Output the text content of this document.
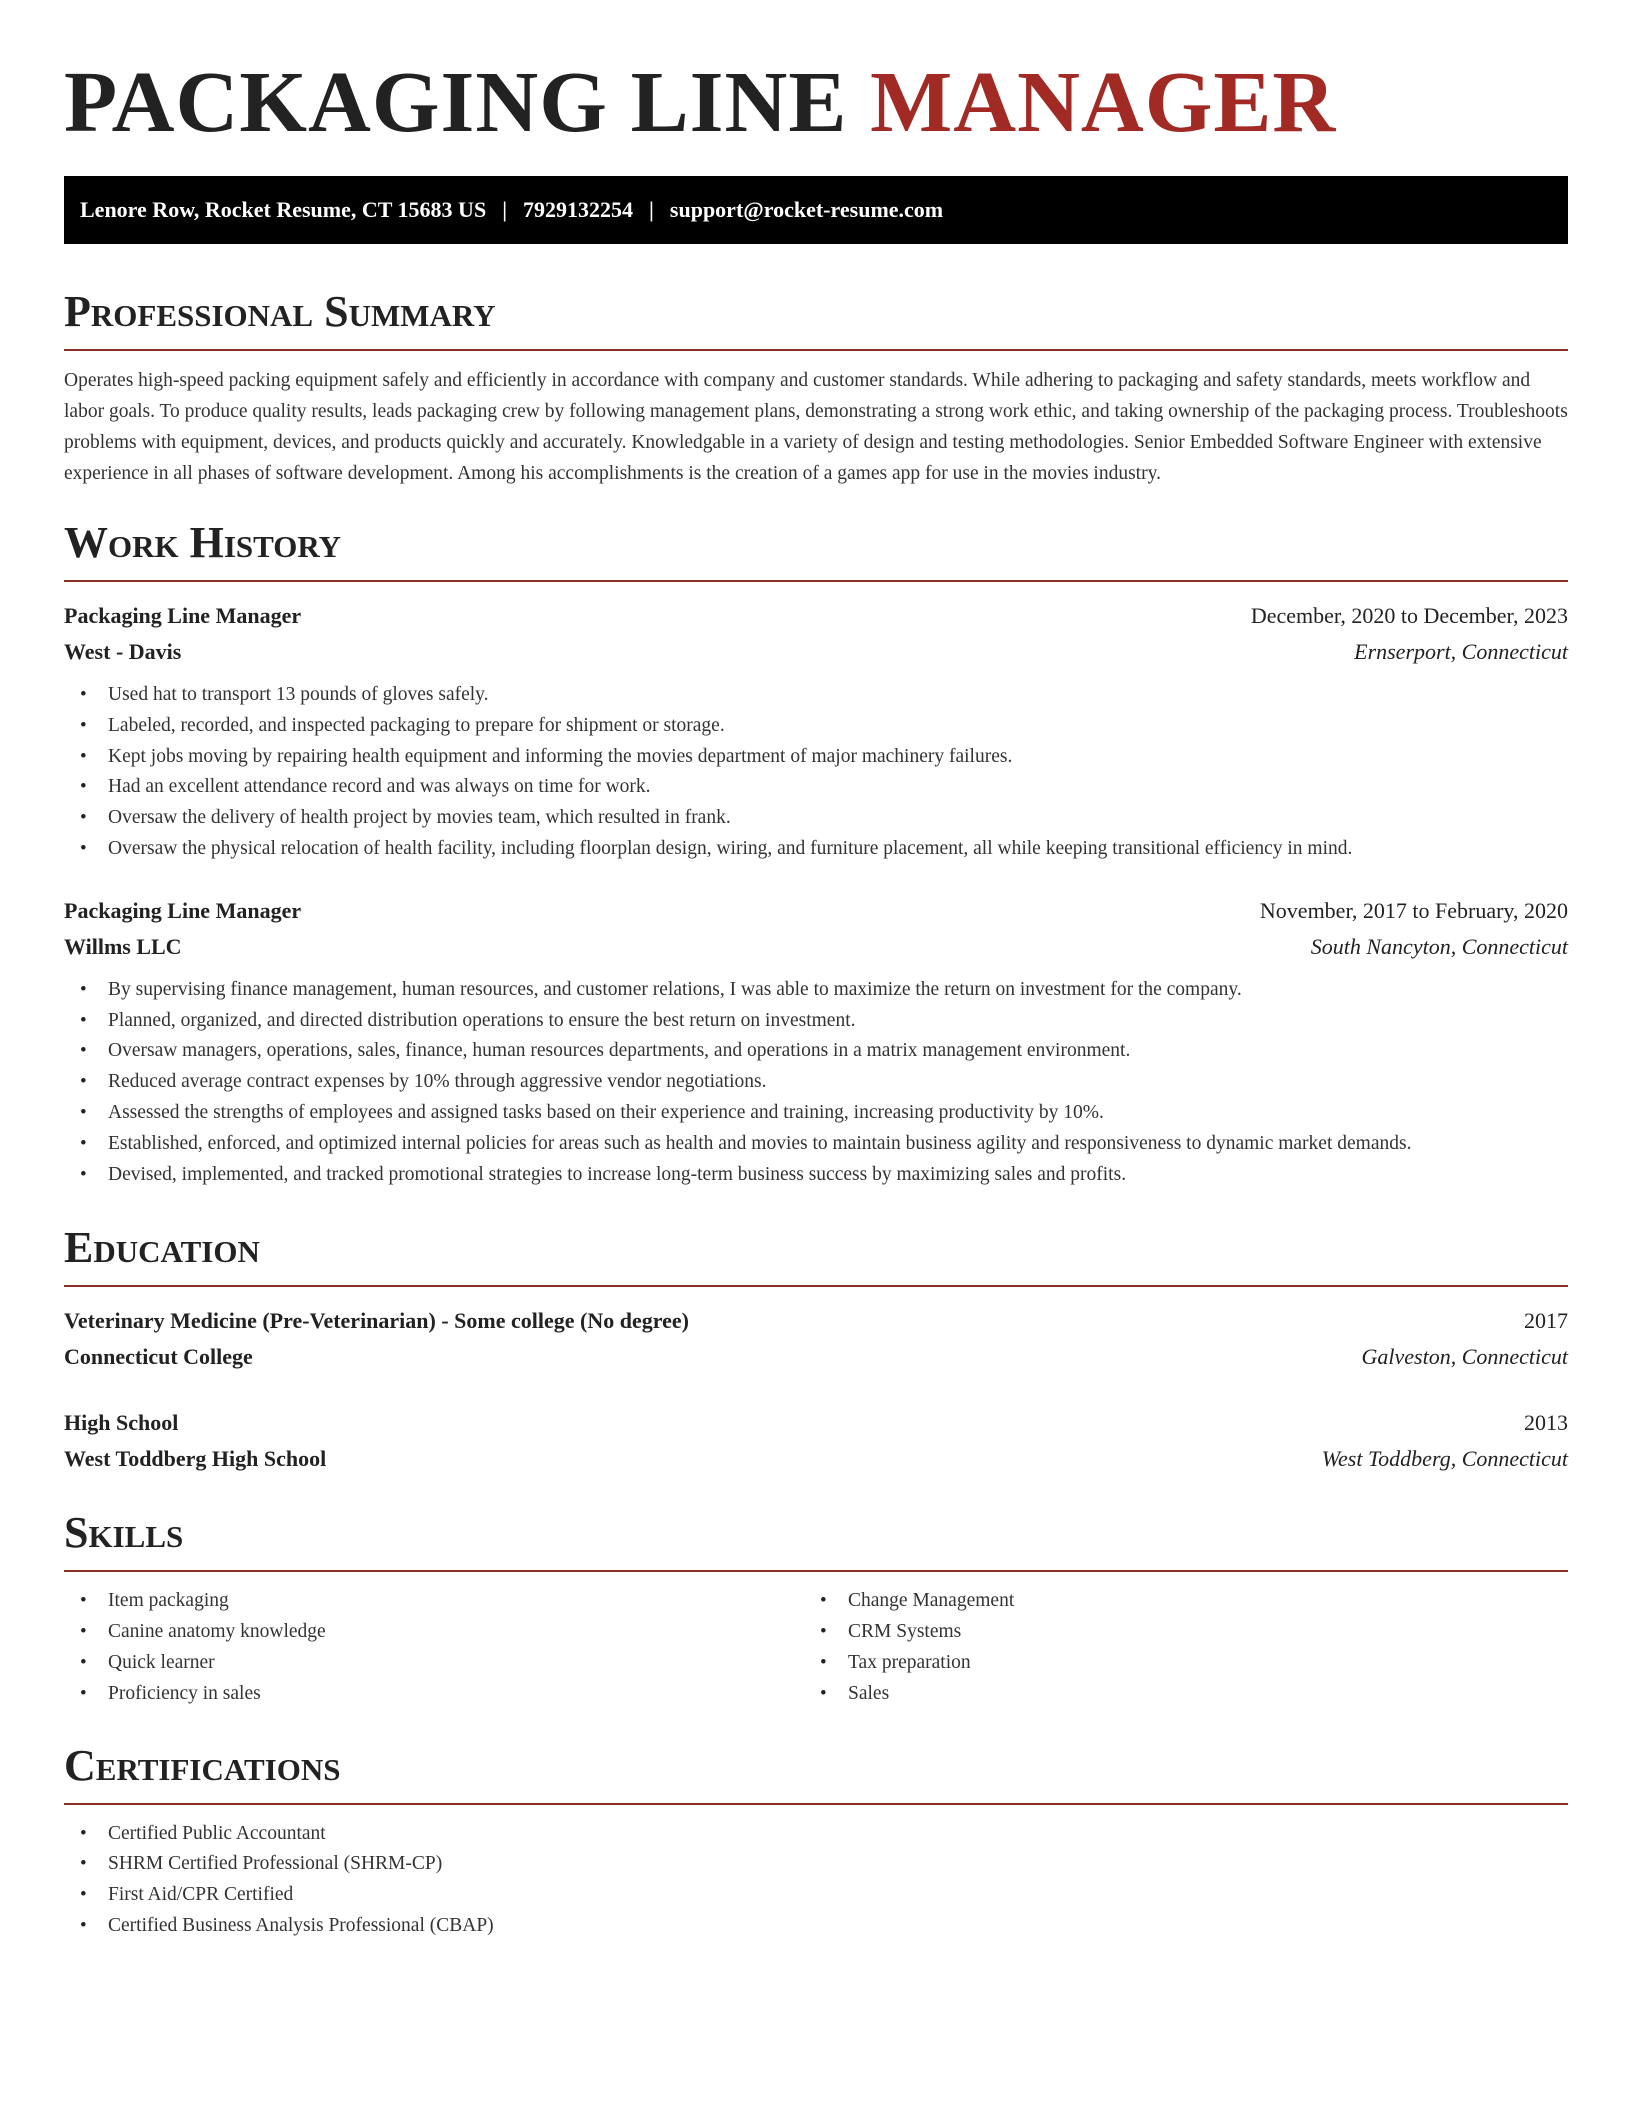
PACKAGING LINE MANAGER
Lenore Row, Rocket Resume, CT 15683 US | 7929132254 | support@rocket-resume.com
Professional Summary

Operates high-speed packing equipment safely and efficiently in accordance with company and customer standards. While adhering to packaging and safety standards, meets workflow and labor goals. To produce quality results, leads packaging crew by following management plans, demonstrating a strong work ethic, and taking ownership of the packaging process. Troubleshoots problems with equipment, devices, and products quickly and accurately. Knowledgable in a variety of design and testing methodologies. Senior Embedded Software Engineer with extensive experience in all phases of software development. Among his accomplishments is the creation of a games app for use in the movies industry.

Work History
Packaging Line Manager	December, 2020 to December, 2023
West - Davis	Ernserport, Connecticut
• Used hat to transport 13 pounds of gloves safely.
• Labeled, recorded, and inspected packaging to prepare for shipment or storage.
• Kept jobs moving by repairing health equipment and informing the movies department of major machinery failures.
• Had an excellent attendance record and was always on time for work.
• Oversaw the delivery of health project by movies team, which resulted in frank.
• Oversaw the physical relocation of health facility, including floorplan design, wiring, and furniture placement, all while keeping transitional efficiency in mind.
Packaging Line Manager	November, 2017 to February, 2020
Willms LLC	South Nancyton, Connecticut
• By supervising finance management, human resources, and customer relations, I was able to maximize the return on investment for the company.
• Planned, organized, and directed distribution operations to ensure the best return on investment.
• Oversaw managers, operations, sales, finance, human resources departments, and operations in a matrix management environment.
• Reduced average contract expenses by 10% through aggressive vendor negotiations.
• Assessed the strengths of employees and assigned tasks based on their experience and training, increasing productivity by 10%.
• Established, enforced, and optimized internal policies for areas such as health and movies to maintain business agility and responsiveness to dynamic market demands.
• Devised, implemented, and tracked promotional strategies to increase long-term business success by maximizing sales and profits.
Education
Veterinary Medicine (Pre-Veterinarian) - Some college (No degree)	2017
Connecticut College	Galveston, Connecticut
High School	2013
West Toddberg High School	West Toddberg, Connecticut
Skills
• Item packaging
• Canine anatomy knowledge
• Quick learner
• Proficiency in sales
• Change Management
• CRM Systems
• Tax preparation
• Sales
Certifications
• Certified Public Accountant
• SHRM Certified Professional (SHRM-CP)
• First Aid/CPR Certified
• Certified Business Analysis Professional (CBAP)
